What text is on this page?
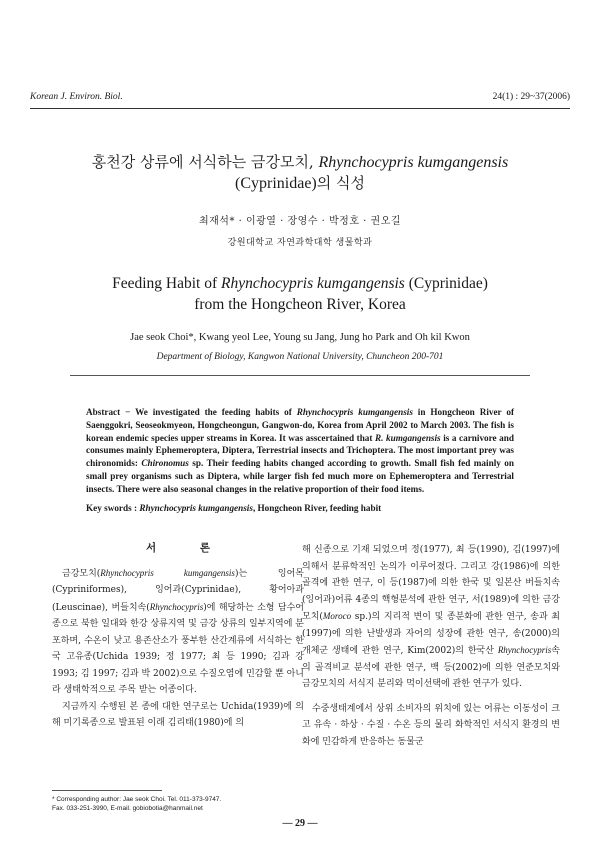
Korean J. Environ. Biol.	24(1) : 29~37(2006)
홍천강 상류에 서식하는 금강모치, Rhynchocypris kumgangensis
(Cyprinidae)의 식성
최재석* · 이광열 · 장영수 · 박정호 · 권오길
강원대학교 자연과학대학 생물학과
Feeding Habit of Rhynchocypris kumgangensis (Cyprinidae)
from the Hongcheon River, Korea
Jae seok Choi*, Kwang yeol Lee, Young su Jang, Jung ho Park and Oh kil Kwon
Department of Biology, Kangwon National University, Chuncheon 200-701
Abstract − We investigated the feeding habits of Rhynchocypris kumgangensis in Hongcheon River of Saenggokri, Seoseokmyeon, Hongcheongun, Gangwon-do, Korea from April 2002 to March 2003. The fish is korean endemic species upper streams in Korea. It was asscertained that R. kumgangensis is a carnivore and consumes mainly Ephemeroptera, Diptera, Terrestrial insects and Trichoptera. The most important prey was chironomids: Chironomus sp. Their feeding habits changed according to growth. Small fish fed mainly on small prey organisms such as Diptera, while larger fish fed much more on Ephemeroptera and Terrestrial insects. There were also seasonal changes in the relative proportion of their food items.
Key swords : Rhynchocypris kumgangensis, Hongcheon River, feeding habit
서 론

금강모치(Rhynchocypris kumgangensis)는 잉어목(Cypriniformes), 잉어과(Cyprinidae), 황어아과(Leuscinae), 버들치속(Rhynchocypris)에 해당하는 소형 담수어종으로 북한 일대와 한강 상류지역 및 금강 상류의 일부지역에 분포하며, 수온이 낮고 용존산소가 풍부한 산간계류에 서식하는 한국 고유종(Uchida 1939; 정 1977; 최 등 1990; 김과 강 1993; 김 1997; 김과 박 2002)으로 수질오염에 민감할 뿐 아니라 생태학적으로 주목 받는 어종이다.

지금까지 수행된 본 종에 대한 연구로는 Uchida(1939)에 의해 미기록종으로 발표된 이래 김리태(1980)에 의

해 신종으로 기재 되었으며 정(1977), 최 등(1990), 김(1997)에 의해서 분류학적인 논의가 이루어졌다. 그리고 강(1986)에 의한 골격에 관한 연구, 이 등(1987)에 의한 한국 및 일본산 버들치속(잉어과)어류 4종의 핵형분석에 관한 연구, 서(1989)에 의한 금강모치(Moroco sp.)의 지리적 변이 및 종분화에 관한 연구, 송과 최(1997)에 의한 난발생과 자어의 성장에 관한 연구, 송(2000)의 개체군 생태에 관한 연구, Kim(2002)의 한국산 Rhynchocypris속의 골격비교 분석에 관한 연구, 백 등(2002)에 의한 연준모치와 금강모치의 서식지 분리와 먹이선택에 관한 연구가 있다.

수중생태계에서 상위 소비자의 위치에 있는 어류는 이동성이 크고 유속 · 하상 · 수질 · 수온 등의 물리 화학적인 서식지 환경의 변화에 민감하게 반응하는 동물군

* Corresponding author: Jae seok Choi. Tel. 011-373-9747.
Fax. 033-251-3990, E-mail. gobiobotia@hanmail.net
— 29 —
